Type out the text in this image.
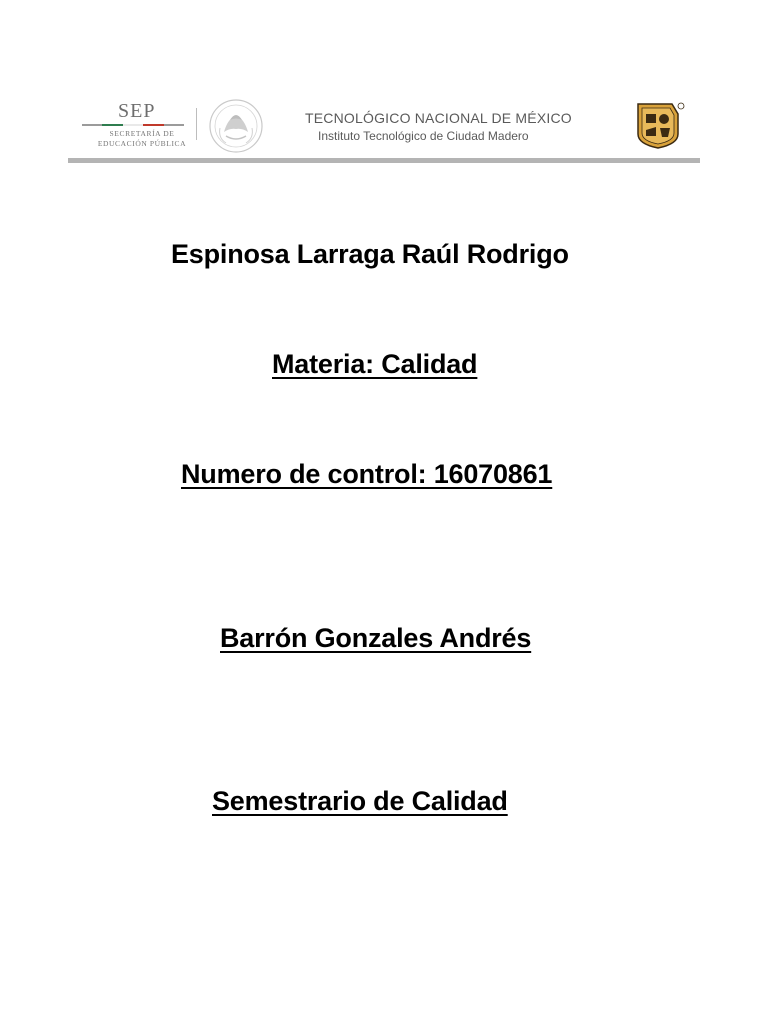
SEP
SECRETARÍA DE
EDUCACIÓN PÚBLICA
TECNOLÓGICO NACIONAL DE MÉXICO
Instituto Tecnológico de Ciudad Madero
Espinosa Larraga Raúl Rodrigo
Materia: Calidad
Numero de control: 16070861
Barrón Gonzales Andrés
Semestrario de Calidad
